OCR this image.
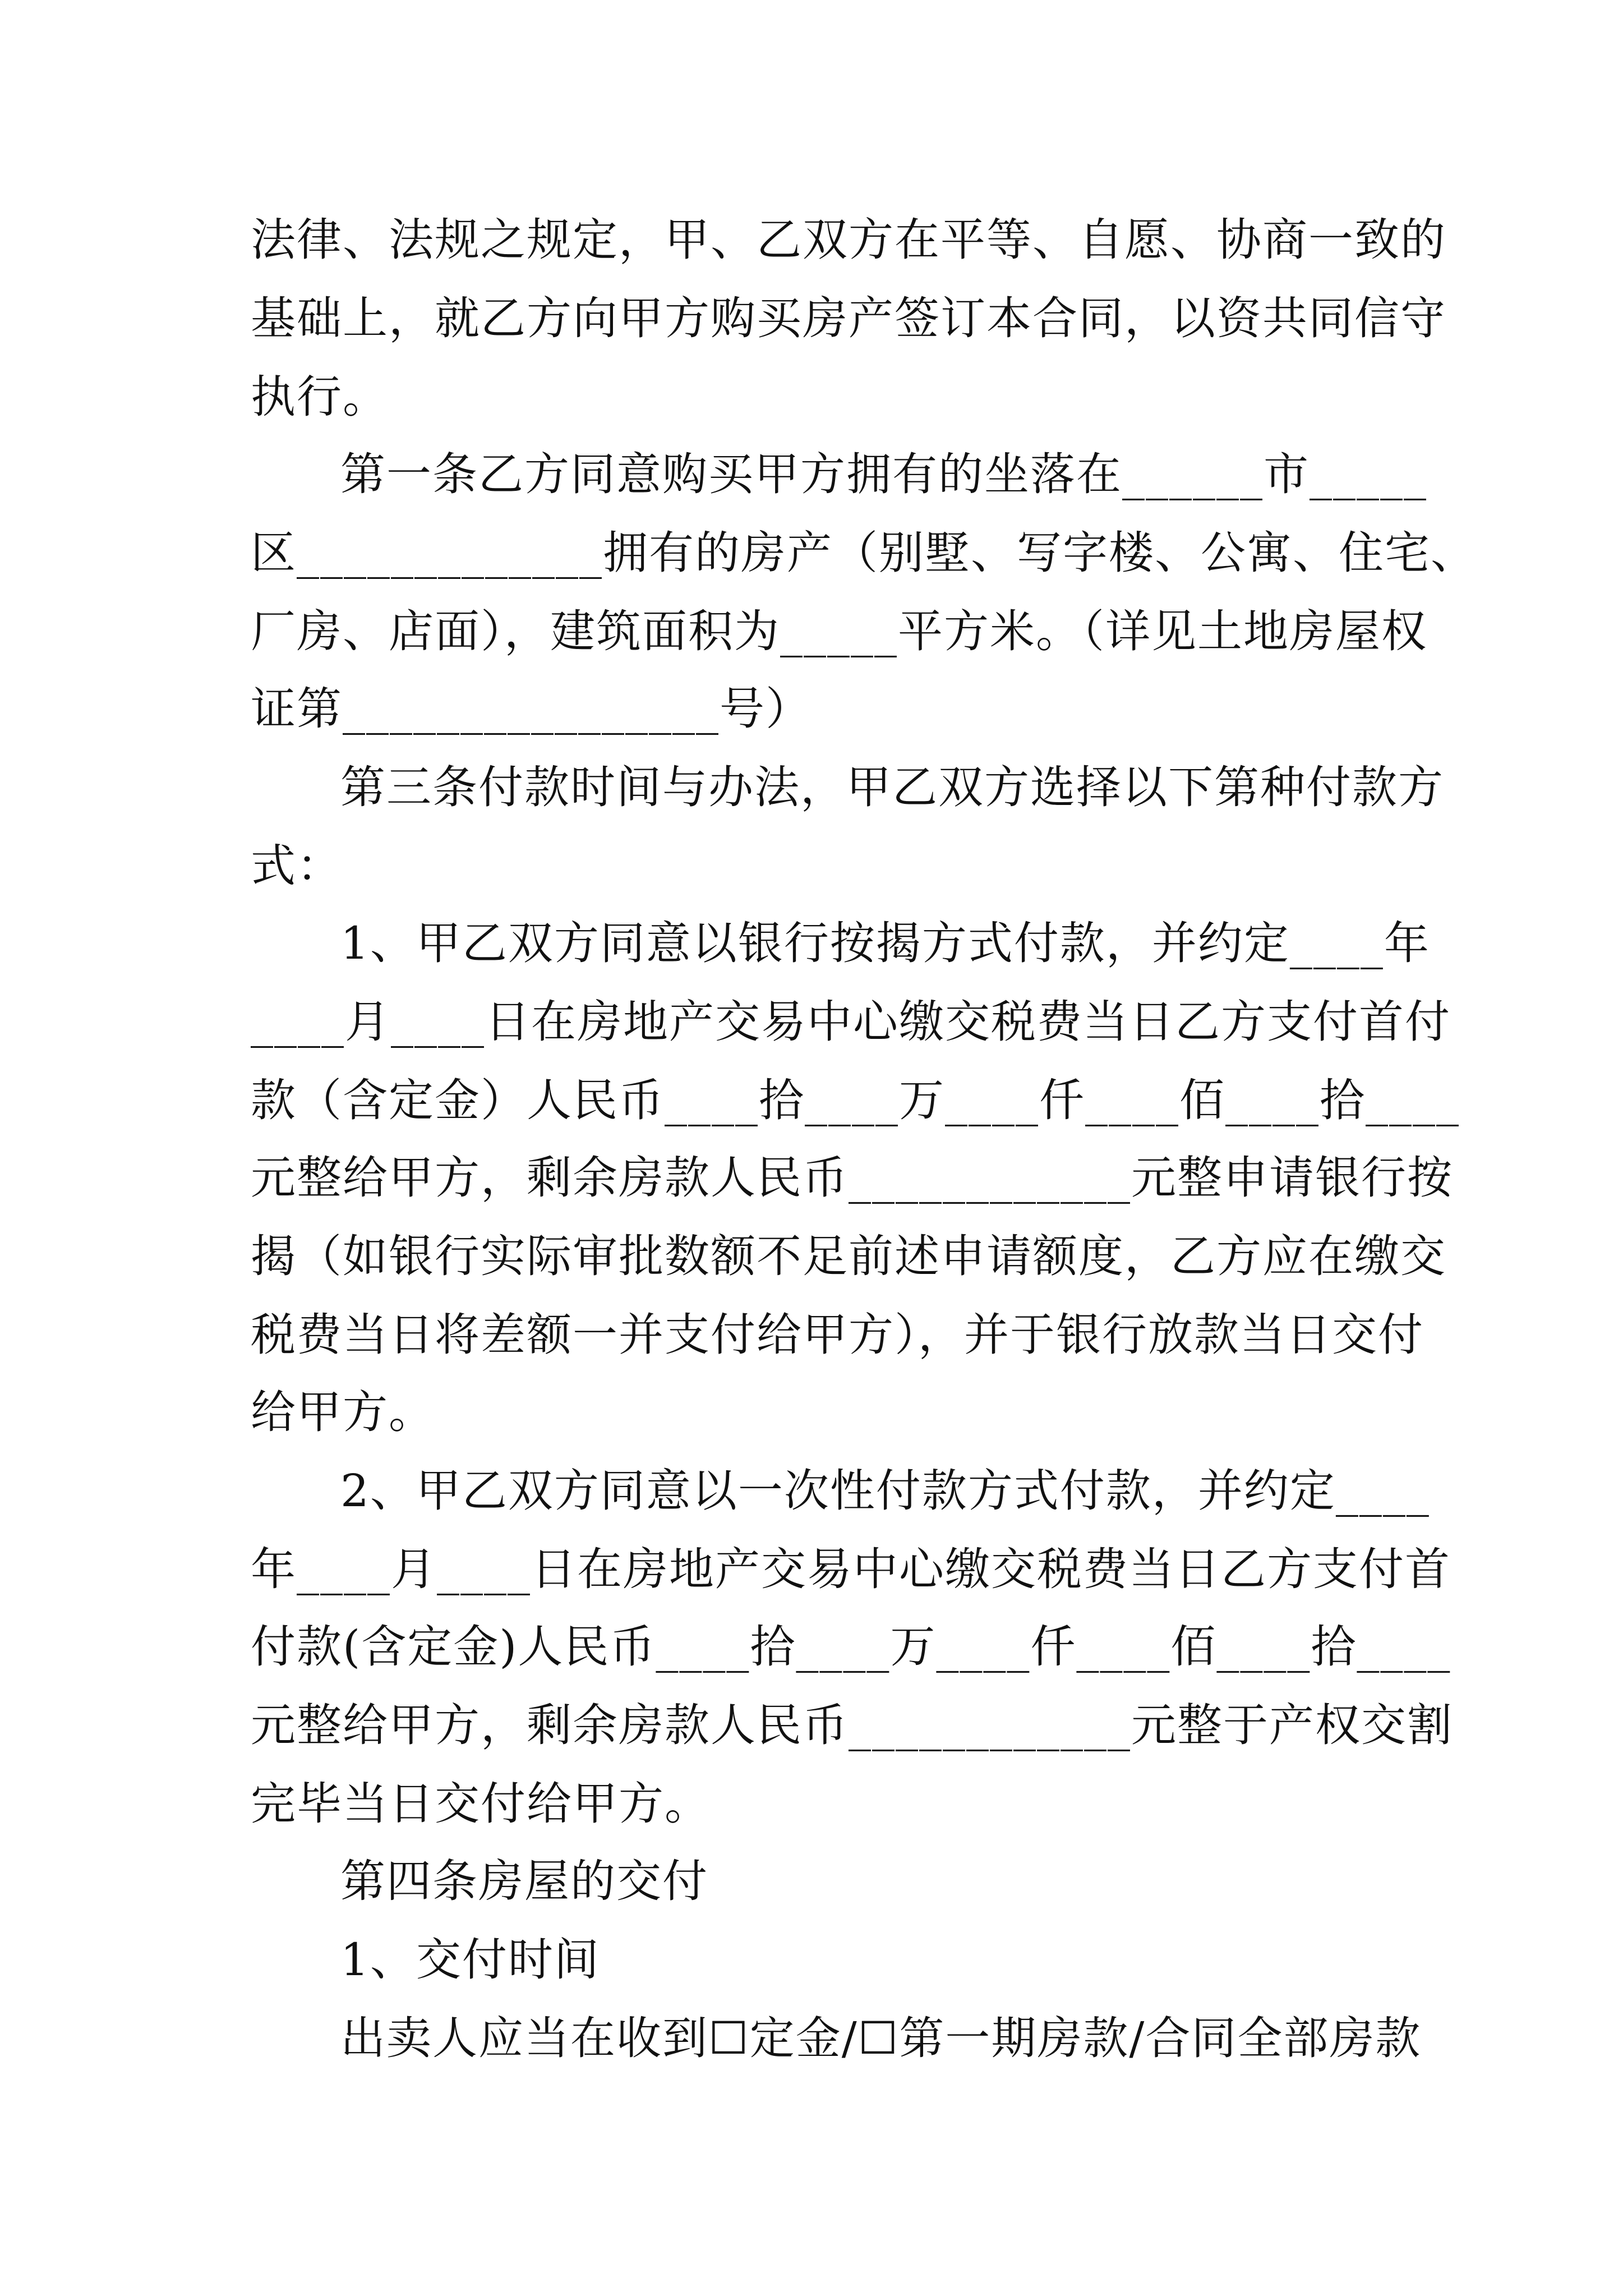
法律、法规之规定，甲、乙双方在平等、自愿、协商一致的
基础上，就乙方向甲方购买房产签订本合同，以资共同信守
执行。
第一条乙方同意购买甲方拥有的坐落在______市_____
区_____________拥有的房产（别墅、写字楼、公寓、住宅、
厂房、店面），建筑面积为_____平方米。（详见土地房屋权
证第________________号）
第三条付款时间与办法，甲乙双方选择以下第种付款方
式：
1、甲乙双方同意以银行按揭方式付款，并约定____年
____月____日在房地产交易中心缴交税费当日乙方支付首付
款（含定金）人民币____拾____万____仟____佰____拾____
元整给甲方，剩余房款人民币____________元整申请银行按
揭（如银行实际审批数额不足前述申请额度，乙方应在缴交
税费当日将差额一并支付给甲方），并于银行放款当日交付
给甲方。
2、甲乙双方同意以一次性付款方式付款，并约定____
年____月____日在房地产交易中心缴交税费当日乙方支付首
付款(含定金)人民币____拾____万____仟____佰____拾____
元整给甲方，剩余房款人民币____________元整于产权交割
完毕当日交付给甲方。
第四条房屋的交付
1、交付时间
出卖人应当在收到☐定金/☐第一期房款/合同全部房款
